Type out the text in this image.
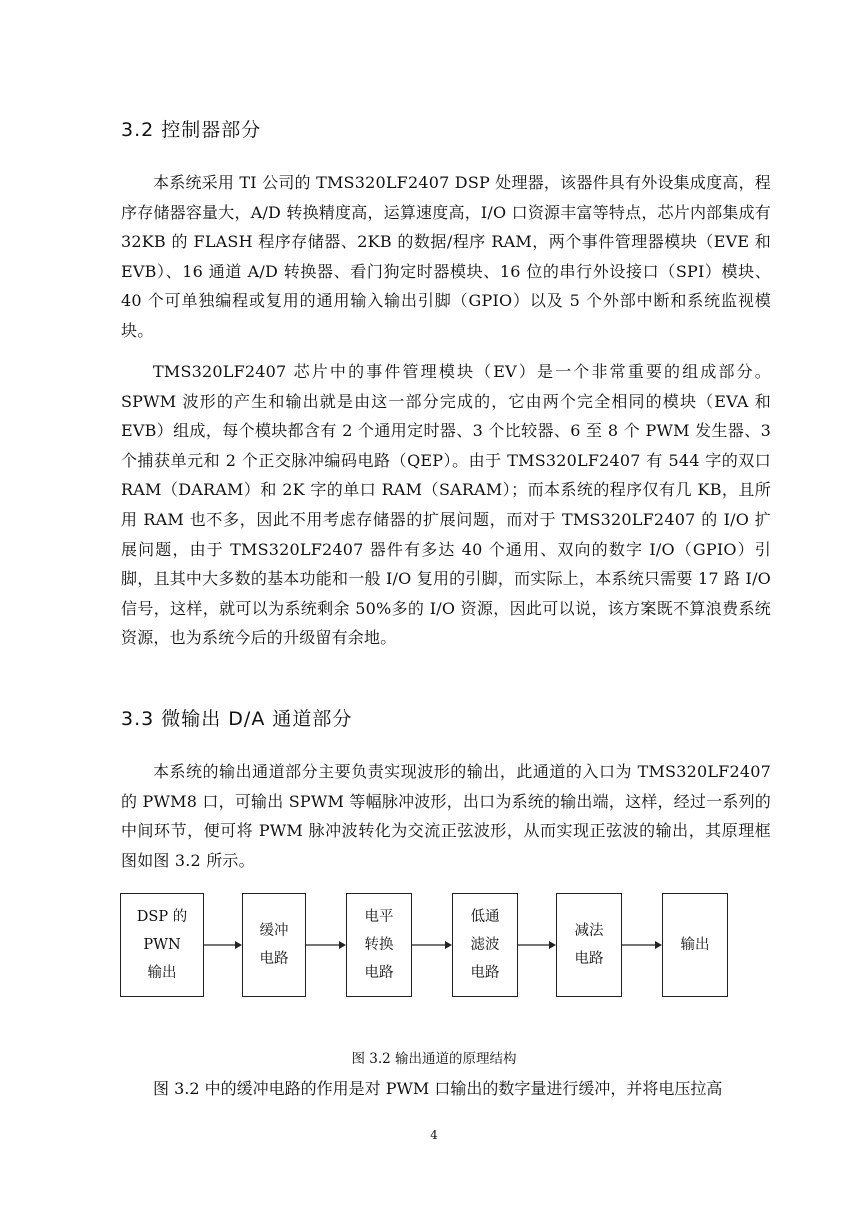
3.2 控制器部分

本系统采用 TI 公司的 TMS320LF2407 DSP 处理器，该器件具有外设集成度高，程序存储器容量大，A/D 转换精度高，运算速度高，I/O 口资源丰富等特点，芯片内部集成有 32KB 的 FLASH 程序存储器、2KB 的数据/程序 RAM，两个事件管理器模块（EVE 和 EVB）、16 通道 A/D 转换器、看门狗定时器模块、16 位的串行外设接口（SPI）模块、40 个可单独编程或复用的通用输入输出引脚（GPIO）以及 5 个外部中断和系统监视模块。

TMS320LF2407 芯片中的事件管理模块（EV）是一个非常重要的组成部分。SPWM 波形的产生和输出就是由这一部分完成的，它由两个完全相同的模块（EVA 和 EVB）组成，每个模块都含有 2 个通用定时器、3 个比较器、6 至 8 个 PWM 发生器、3 个捕获单元和 2 个正交脉冲编码电路（QEP）。由于 TMS320LF2407 有 544 字的双口 RAM（DARAM）和 2K 字的单口 RAM（SARAM）；而本系统的程序仅有几 KB，且所用 RAM 也不多，因此不用考虑存储器的扩展问题，而对于 TMS320LF2407 的 I/O 扩展问题，由于 TMS320LF2407 器件有多达 40 个通用、双向的数字 I/O（GPIO）引脚，且其中大多数的基本功能和一般 I/O 复用的引脚，而实际上，本系统只需要 17 路 I/O 信号，这样，就可以为系统剩余 50%多的 I/O 资源，因此可以说，该方案既不算浪费系统资源，也为系统今后的升级留有余地。

3.3 微输出 D/A 通道部分

本系统的输出通道部分主要负责实现波形的输出，此通道的入口为 TMS320LF2407 的 PWM8 口，可输出 SPWM 等幅脉冲波形，出口为系统的输出端，这样，经过一系列的中间环节，便可将 PWM 脉冲波转化为交流正弦波形，从而实现正弦波的输出，其原理框图如图 3.2 所示。

DSP 的
PWN
输出
缓冲
电路
电平
转换
电路
低通
滤波
电路
减法
电路
输出

图 3.2 输出通道的原理结构

图 3.2 中的缓冲电路的作用是对 PWM 口输出的数字量进行缓冲，并将电压拉高

4
